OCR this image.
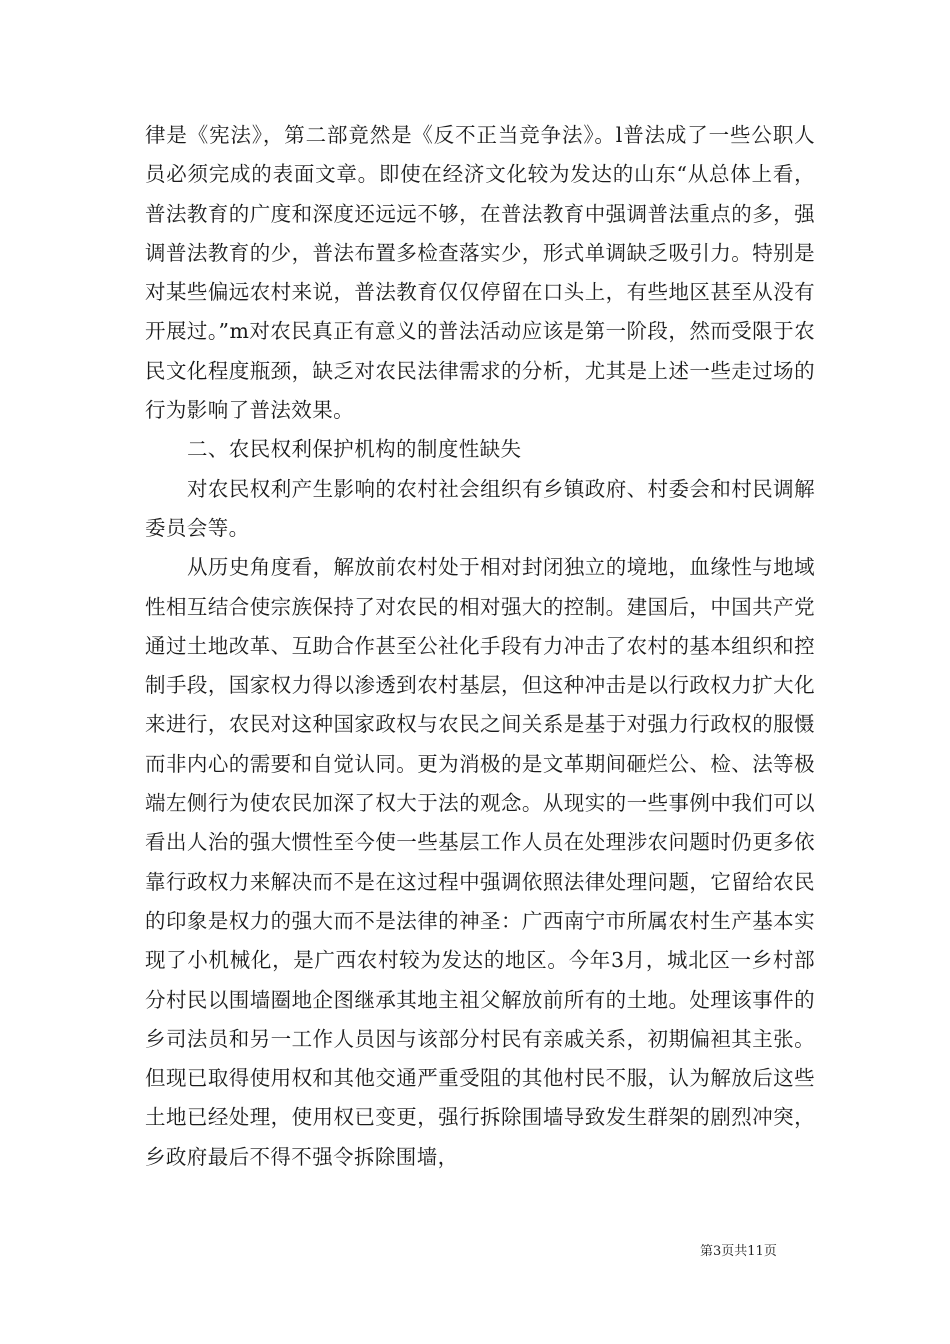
律是《宪法》，第二部竟然是《反不正当竞争法》。l普法成了一些公职人员必须完成的表面文章。即使在经济文化较为发达的山东“从总体上看，普法教育的广度和深度还远远不够，在普法教育中强调普法重点的多，强调普法教育的少，普法布置多检查落实少，形式单调缺乏吸引力。特别是对某些偏远农村来说，普法教育仅仅停留在口头上，有些地区甚至从没有开展过。”m对农民真正有意义的普法活动应该是第一阶段，然而受限于农民文化程度瓶颈，缺乏对农民法律需求的分析，尤其是上述一些走过场的行为影响了普法效果。

二、农民权利保护机构的制度性缺失

对农民权利产生影响的农村社会组织有乡镇政府、村委会和村民调解委员会等。

从历史角度看，解放前农村处于相对封闭独立的境地，血缘性与地域性相互结合使宗族保持了对农民的相对强大的控制。建国后，中国共产党通过土地改革、互助合作甚至公社化手段有力冲击了农村的基本组织和控制手段，国家权力得以渗透到农村基层，但这种冲击是以行政权力扩大化来进行，农民对这种国家政权与农民之间关系是基于对强力行政权的服慑而非内心的需要和自觉认同。更为消极的是文革期间砸烂公、检、法等极端左侧行为使农民加深了权大于法的观念。从现实的一些事例中我们可以看出人治的强大惯性至今使一些基层工作人员在处理涉农问题时仍更多依靠行政权力来解决而不是在这过程中强调依照法律处理问题，它留给农民的印象是权力的强大而不是法律的神圣：广西南宁市所属农村生产基本实现了小机械化，是广西农村较为发达的地区。今年3月，城北区一乡村部分村民以围墙圈地企图继承其地主祖父解放前所有的土地。处理该事件的乡司法员和另一工作人员因与该部分村民有亲戚关系，初期偏袒其主张。但现已取得使用权和其他交通严重受阻的其他村民不服，认为解放后这些土地已经处理，使用权已变更，强行拆除围墙导致发生群架的剧烈冲突，乡政府最后不得不强令拆除围墙，

第3页共11页
